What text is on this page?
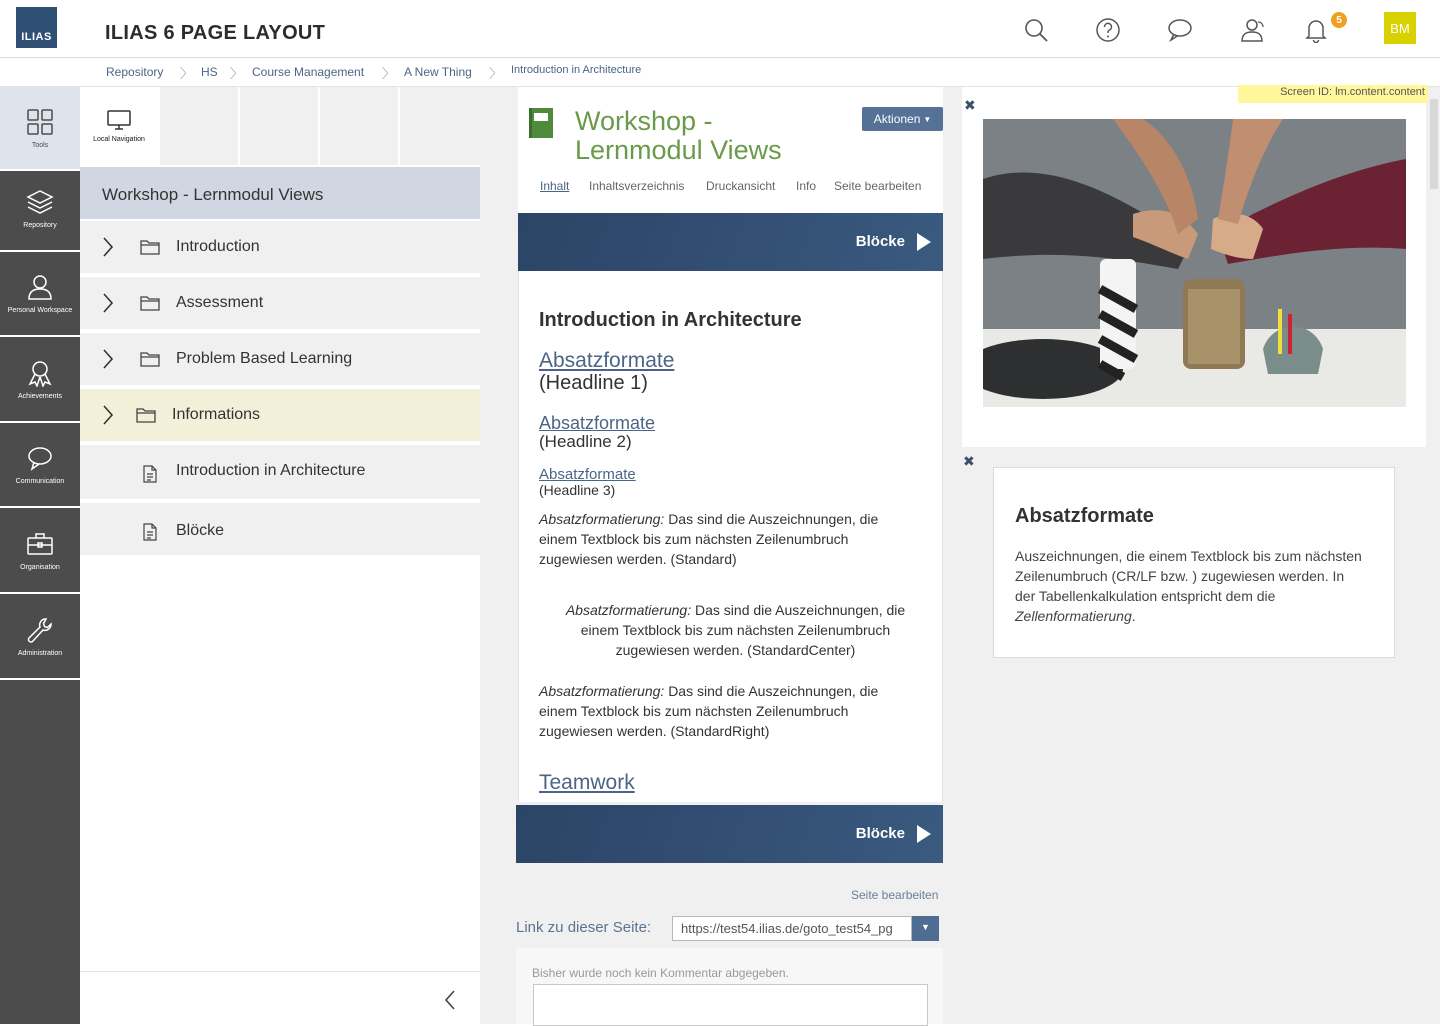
ILIAS	ILIAS 6 PAGE LAYOUT
5
BM
Repository 〉 HS 〉 Course Management 〉 A New Thing 〉 Introduction in Architecture
Tools
Repository
Personal Workspace
Achievements
Communication
Organisation
Administration
Local Navigation
Workshop - Lernmodul Views
Introduction
Assessment
Problem Based Learning
Informations
Introduction in Architecture
Blöcke
Workshop - Lernmodul Views
Aktionen ▼
Inhalt Inhaltsverzeichnis Druckansicht Info Seite bearbeiten
Blöcke
Introduction in Architecture
Absatzformate
(Headline 1)
Absatzformate
(Headline 2)
Absatzformate
(Headline 3)
Absatzformatierung: Das sind die Auszeichnungen, die einem Textblock bis zum nächsten Zeilenumbruch zugewiesen werden. (Standard)
Absatzformatierung: Das sind die Auszeichnungen, die einem Textblock bis zum nächsten Zeilenumbruch zugewiesen werden. (StandardCenter)
Absatzformatierung: Das sind die Auszeichnungen, die einem Textblock bis zum nächsten Zeilenumbruch zugewiesen werden. (StandardRight)
Teamwork
Blöcke
Seite bearbeiten
Link zu dieser Seite:
Bisher wurde noch kein Kommentar abgegeben.
https://test54.ilias.de/goto_test54_pg	▼
Screen ID: lm.content.content
✖
✖
Absatzformate
Auszeichnungen, die einem Textblock bis zum nächsten Zeilenumbruch (CR/LF bzw. ) zugewiesen werden. In der Tabellenkalkulation entspricht dem die Zellenformatierung.
